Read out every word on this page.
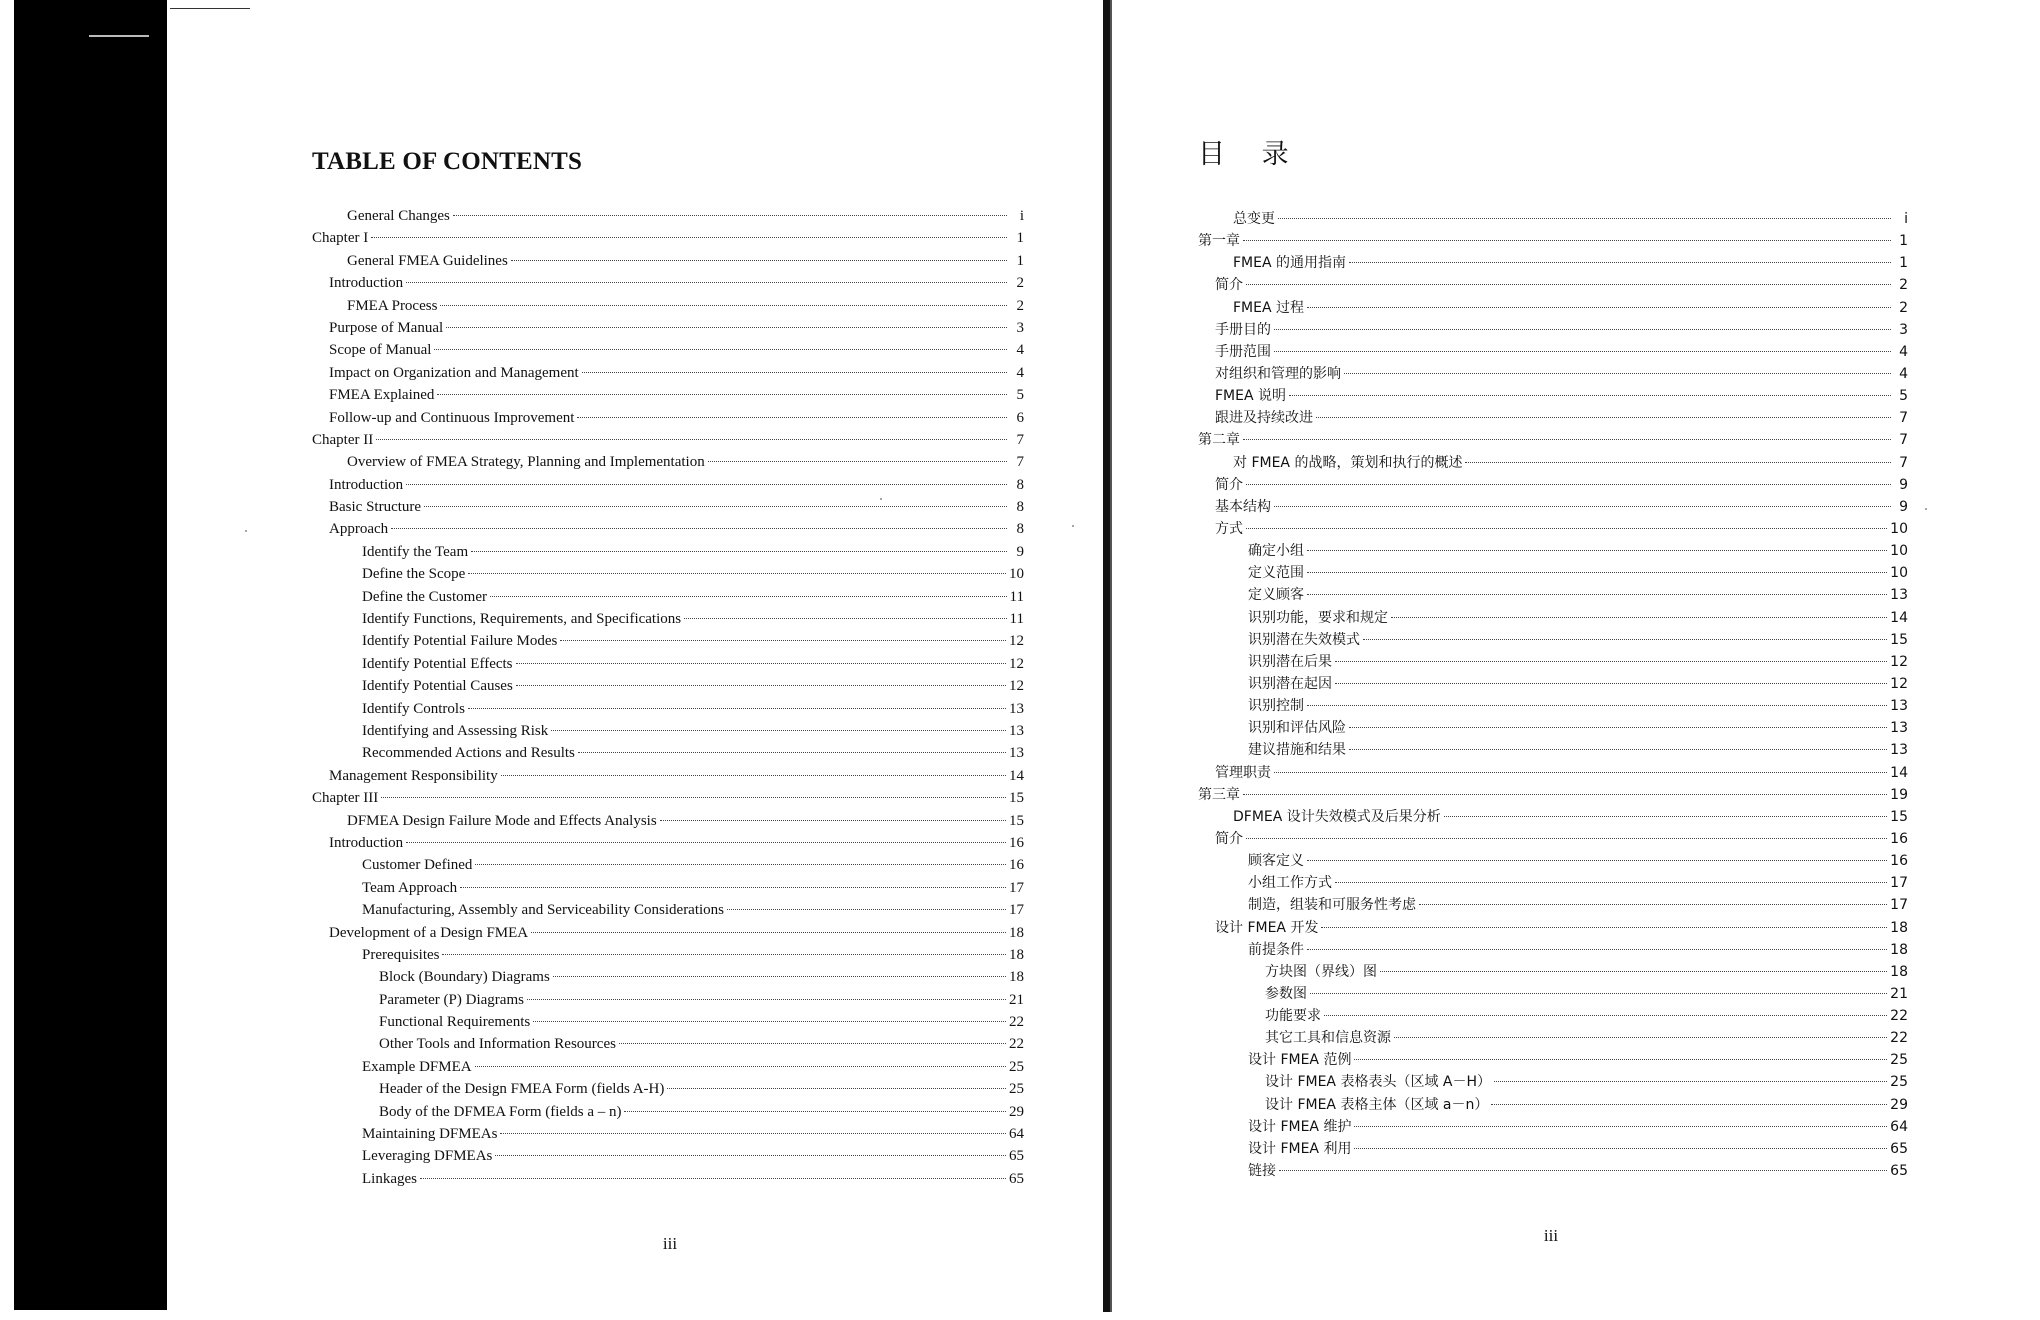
TABLE OF CONTENTS
General Changes	i
Chapter I	1
General FMEA Guidelines	1
Introduction	2
FMEA Process	2
Purpose of Manual	3
Scope of Manual	4
Impact on Organization and Management	4
FMEA Explained	5
Follow-up and Continuous Improvement	6
Chapter II	7
Overview of FMEA Strategy, Planning and Implementation	7
Introduction	8
Basic Structure	8
Approach	8
Identify the Team	9
Define the Scope	10
Define the Customer	11
Identify Functions, Requirements, and Specifications	11
Identify Potential Failure Modes	12
Identify Potential Effects	12
Identify Potential Causes	12
Identify Controls	13
Identifying and Assessing Risk	13
Recommended Actions and Results	13
Management Responsibility	14
Chapter III	15
DFMEA Design Failure Mode and Effects Analysis	15
Introduction	16
Customer Defined	16
Team Approach	17
Manufacturing, Assembly and Serviceability Considerations	17
Development of a Design FMEA	18
Prerequisites	18
Block (Boundary) Diagrams	18
Parameter (P) Diagrams	21
Functional Requirements	22
Other Tools and Information Resources	22
Example DFMEA	25
Header of the Design FMEA Form (fields A-H)	25
Body of the DFMEA Form (fields a – n)	29
Maintaining DFMEAs	64
Leveraging DFMEAs	65
Linkages	65
目 录
总变更	i
第一章	1
FMEA 的通用指南	1
简介	2
FMEA 过程	2
手册目的	3
手册范围	4
对组织和管理的影响	4
FMEA 说明	5
跟进及持续改进	7
第二章	7
对 FMEA 的战略，策划和执行的概述	7
简介	9
基本结构	9
方式	10
确定小组	10
定义范围	10
定义顾客	13
识别功能，要求和规定	14
识别潜在失效模式	15
识别潜在后果	12
识别潜在起因	12
识别控制	13
识别和评估风险	13
建议措施和结果	13
管理职责	14
第三章	19
DFMEA 设计失效模式及后果分析	15
简介	16
顾客定义	16
小组工作方式	17
制造，组装和可服务性考虑	17
设计 FMEA 开发	18
前提条件	18
方块图（界线）图	18
参数图	21
功能要求	22
其它工具和信息资源	22
设计 FMEA 范例	25
设计 FMEA 表格表头（区域 A－H）	25
设计 FMEA 表格主体（区域 a－n）	29
设计 FMEA 维护	64
设计 FMEA 利用	65
链接	65
iii	iii
